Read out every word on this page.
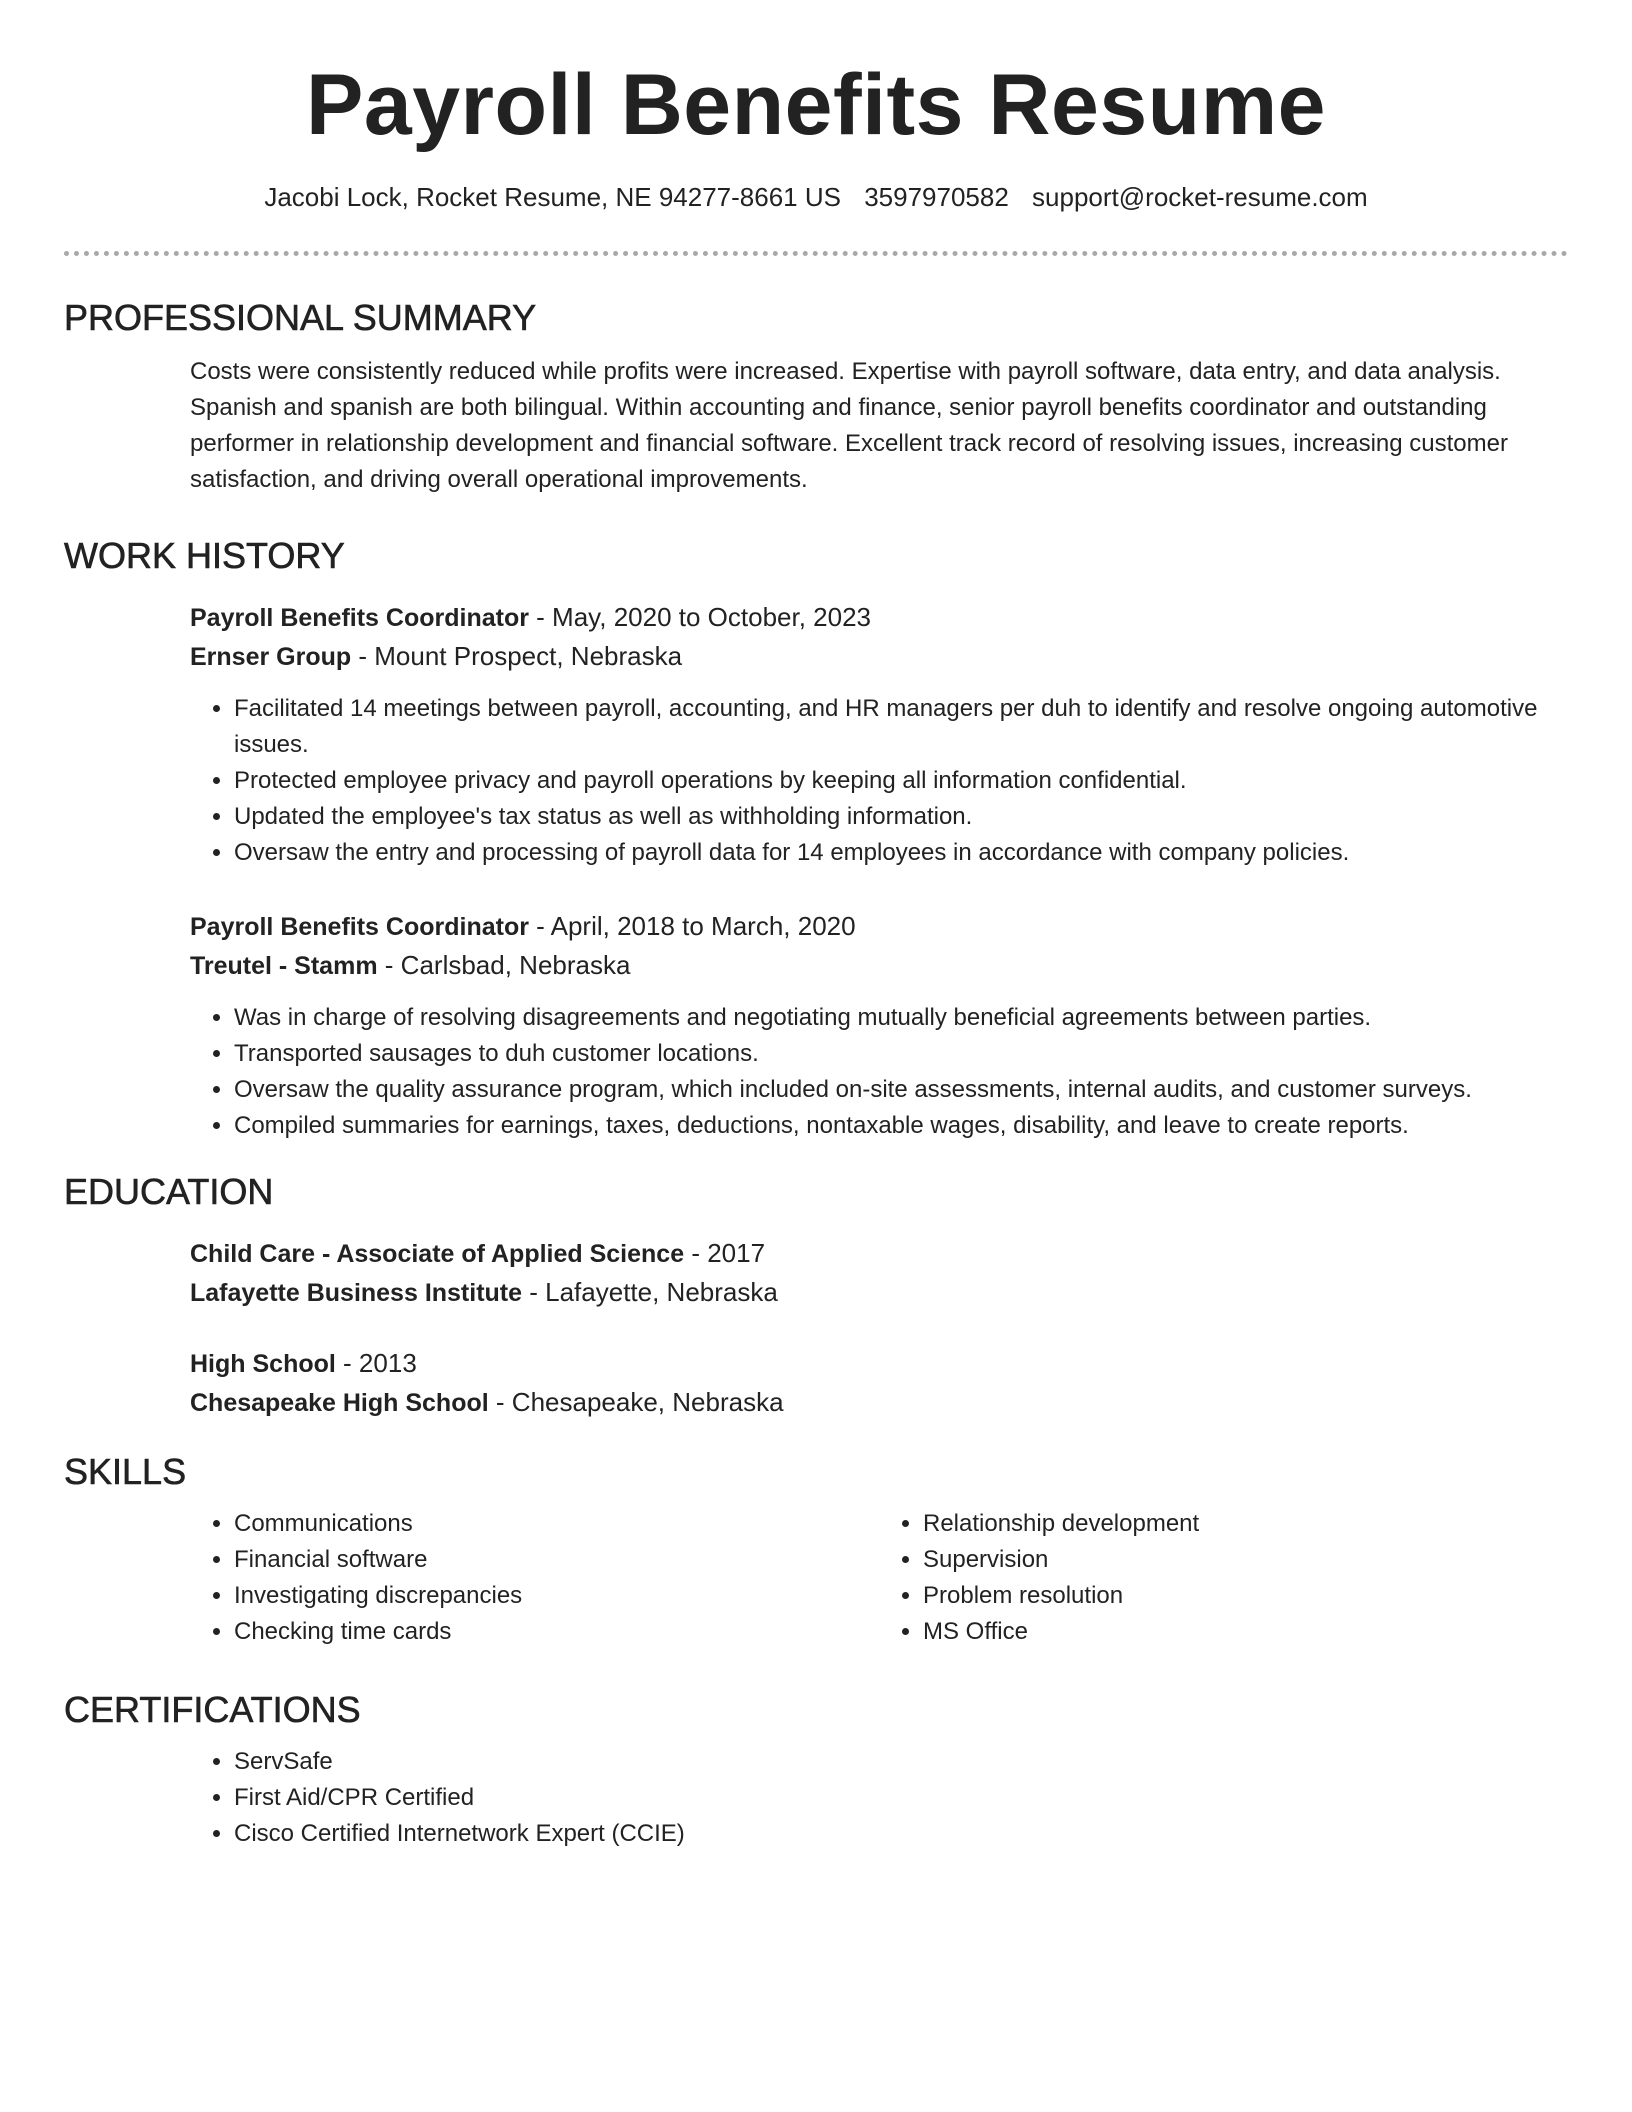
Payroll Benefits Resume
Jacobi Lock, Rocket Resume, NE 94277-8661 US 3597970582 support@rocket-resume.com
PROFESSIONAL SUMMARY

Costs were consistently reduced while profits were increased. Expertise with payroll software, data entry, and data analysis. Spanish and spanish are both bilingual. Within accounting and finance, senior payroll benefits coordinator and outstanding performer in relationship development and financial software. Excellent track record of resolving issues, increasing customer satisfaction, and driving overall operational improvements.

WORK HISTORY
Payroll Benefits Coordinator - May, 2020 to October, 2023
Ernser Group - Mount Prospect, Nebraska
• Facilitated 14 meetings between payroll, accounting, and HR managers per duh to identify and resolve ongoing automotive issues.
• Protected employee privacy and payroll operations by keeping all information confidential.
• Updated the employee's tax status as well as withholding information.
• Oversaw the entry and processing of payroll data for 14 employees in accordance with company policies.
Payroll Benefits Coordinator - April, 2018 to March, 2020
Treutel - Stamm - Carlsbad, Nebraska
• Was in charge of resolving disagreements and negotiating mutually beneficial agreements between parties.
• Transported sausages to duh customer locations.
• Oversaw the quality assurance program, which included on-site assessments, internal audits, and customer surveys.
• Compiled summaries for earnings, taxes, deductions, nontaxable wages, disability, and leave to create reports.
EDUCATION
Child Care - Associate of Applied Science - 2017
Lafayette Business Institute - Lafayette, Nebraska
High School - 2013
Chesapeake High School - Chesapeake, Nebraska
SKILLS
• Communications
• Financial software
• Investigating discrepancies
• Checking time cards
• Relationship development
• Supervision
• Problem resolution
• MS Office
CERTIFICATIONS
• ServSafe
• First Aid/CPR Certified
• Cisco Certified Internetwork Expert (CCIE)
